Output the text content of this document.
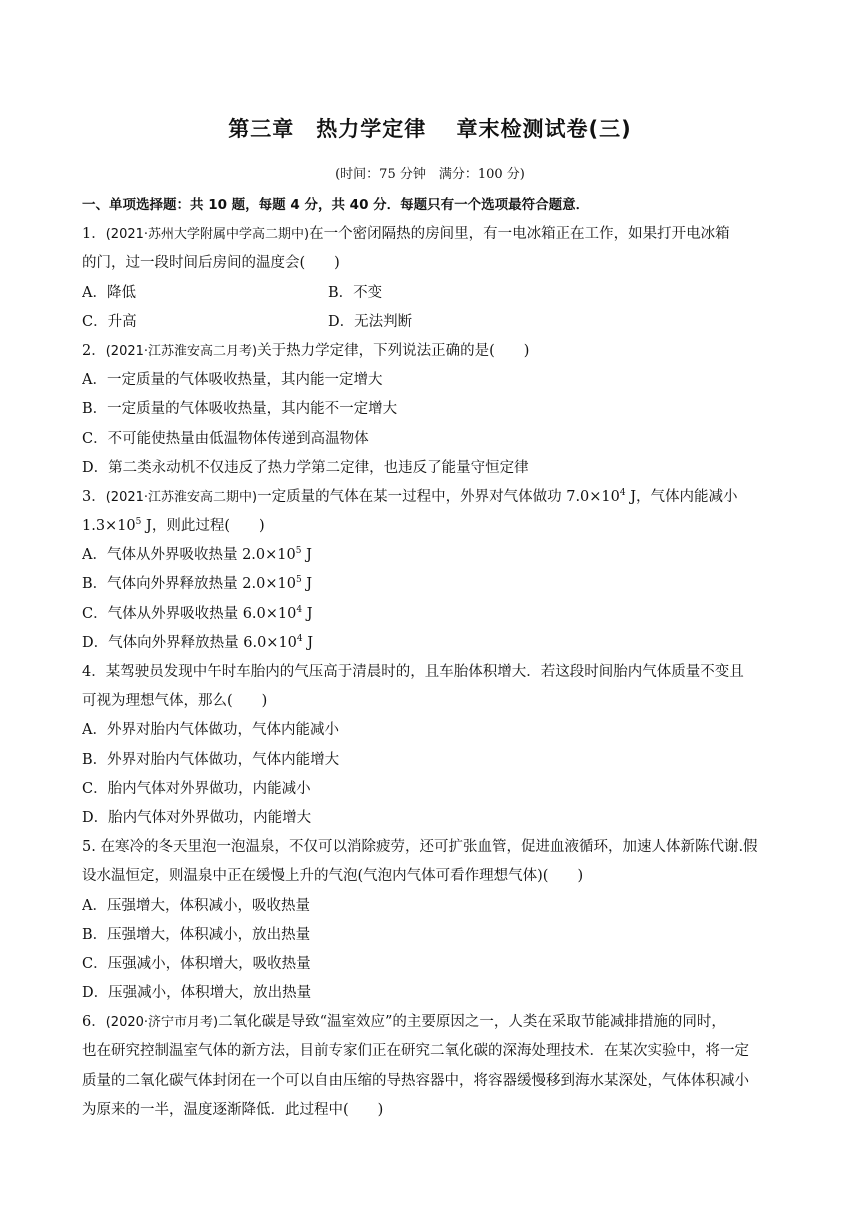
第三章　热力学定律　 章末检测试卷(三)
(时间：75 分钟　满分：100 分)
一、单项选择题：共 10 题，每题 4 分，共 40 分．每题只有一个选项最符合题意．
1．(2021·苏州大学附属中学高二期中)在一个密闭隔热的房间里，有一电冰箱正在工作，如果打开电冰箱
的门，过一段时间后房间的温度会(　　)
A．降低	B．不变
C．升高	D．无法判断
2．(2021·江苏淮安高二月考)关于热力学定律，下列说法正确的是(　　)
A．一定质量的气体吸收热量，其内能一定增大
B．一定质量的气体吸收热量，其内能不一定增大
C．不可能使热量由低温物体传递到高温物体
D．第二类永动机不仅违反了热力学第二定律，也违反了能量守恒定律
3．(2021·江苏淮安高二期中)一定质量的气体在某一过程中，外界对气体做功 $7.0\times 10^4$ J，气体内能减小
$1.3\times 10^5$ J，则此过程(　　)
A．气体从外界吸收热量 $2.0\times 10^5$ J
B．气体向外界释放热量 $2.0\times 10^5$ J
C．气体从外界吸收热量 $6.0\times 10^4$ J
D．气体向外界释放热量 $6.0\times 10^4$ J
4．某驾驶员发现中午时车胎内的气压高于清晨时的，且车胎体积增大．若这段时间胎内气体质量不变且
可视为理想气体，那么(　　)
A．外界对胎内气体做功，气体内能减小
B．外界对胎内气体做功，气体内能增大
C．胎内气体对外界做功，内能减小
D．胎内气体对外界做功，内能增大
5. 在寒冷的冬天里泡一泡温泉，不仅可以消除疲劳，还可扩张血管，促进血液循环，加速人体新陈代谢.假
设水温恒定，则温泉中正在缓慢上升的气泡(气泡内气体可看作理想气体)(　　)
A．压强增大，体积减小，吸收热量
B．压强增大，体积减小，放出热量
C．压强减小，体积增大，吸收热量
D．压强减小，体积增大，放出热量
6．(2020·济宁市月考)二氧化碳是导致“温室效应”的主要原因之一，人类在采取节能减排措施的同时，
也在研究控制温室气体的新方法，目前专家们正在研究二氧化碳的深海处理技术．在某次实验中，将一定
质量的二氧化碳气体封闭在一个可以自由压缩的导热容器中，将容器缓慢移到海水某深处，气体体积减小
为原来的一半，温度逐渐降低．此过程中(　　)
